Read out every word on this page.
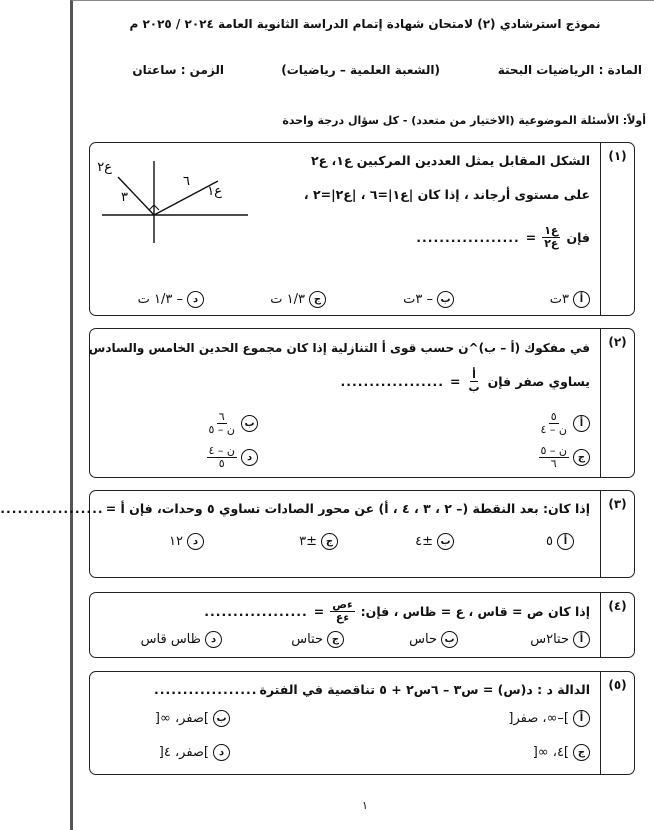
نموذج استرشادي (٢) لامتحان شهادة إتمام الدراسة الثانوية العامة ٢٠٢٤ / ٢٠٢٥ م
المادة : الرياضيات البحتة
(الشعبة العلمية – رياضيات)
الزمن : ساعتان
أولاً: الأسئلة الموضوعية (الاختيار من متعدد) - كل سؤال درجة واحدة
(١)
الشكل المقابل يمثل العددين المركبين ع١، ع٢
على مستوى أرجاند ، إذا كان |ع١|=٦ ، |ع٢|=٢ ،
فإن
$\frac{\text{ع١}}{\text{ع٢}}$
=
..................
ع٢
٣
٦
ع١
أ
٣ت
ب
– ٣ت
ج
١/٣ ت
د
– ١/٣ ت
(٢)
في مفكوك (أ – ب)^ن حسب قوى أ التنازلية إذا كان مجموع الحدين الخامس والسادس
يساوي صفر فإن
$\frac{\text{أ}}{\text{ب}}$
=
..................
أ
$\frac{٥}{\text{ن – ٤}}$
ب
$\frac{٦}{\text{ن – ٥}}$
ج
$\frac{\text{ن – ٥}}{٦}$
د
$\frac{\text{ن – ٤}}{٥}$
(٣)
إذا كان: بعد النقطة (– ٢ ، ٣ ، ٤ ، أ) عن محور الصادات تساوي ٥ وحدات، فإن أ =
..................
أ
٥
ب
±٤
ج
±٣
د
١٢
(٤)
إذا كان ص = قاس ، ع = ظاس ، فإن:
$\frac{\text{ءص}}{\text{ءع}}$
=
..................
أ
حتا٢س
ب
حاس
ج
حتاس
د
ظاس قاس
(٥)
الدالة د : د(س) = س٣ – ٦س٢ + ٥ تناقصية في الفترة
..................
أ
]–∞، صفر[
ب
]صفر، ∞[
ج
]٤، ∞[
د
]صفر، ٤[
١
